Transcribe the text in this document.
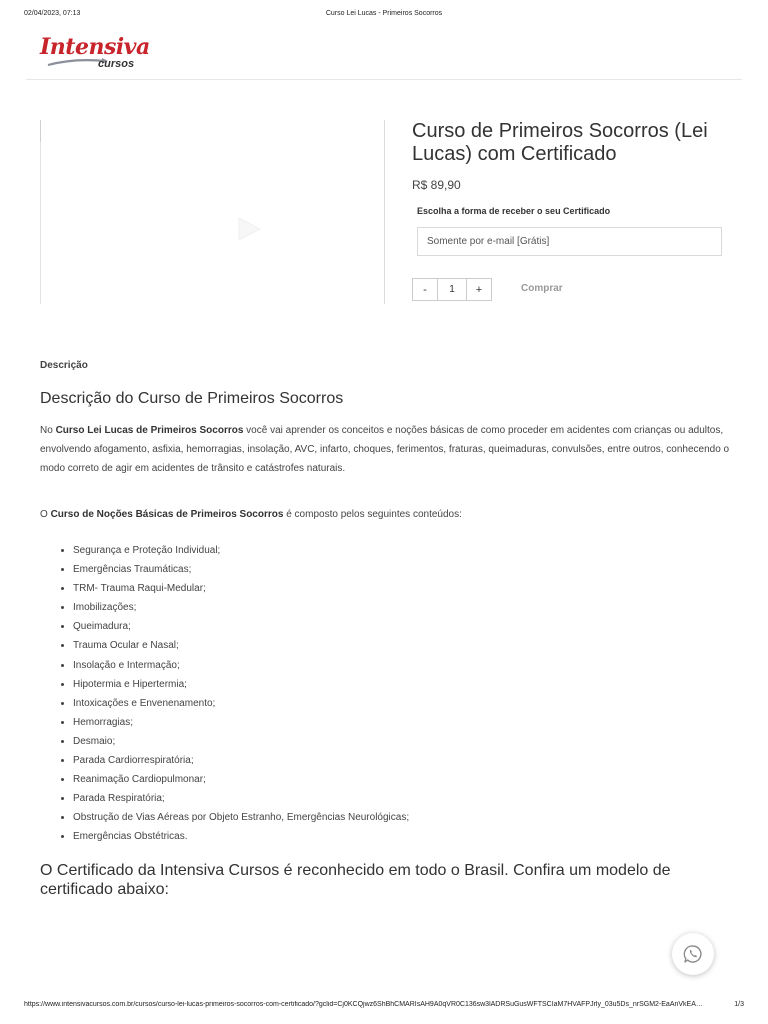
02/04/2023, 07:13	Curso Lei Lucas - Primeiros Socorros
Intensiva
cursos
Curso de Primeiros Socorros (Lei Lucas) com Certificado
R$ 89,90
Escolha a forma de receber o seu Certificado
Somente por e-mail [Grátis]
-	1	+	Comprar
Descrição
Descrição do Curso de Primeiros Socorros

No Curso Lei Lucas de Primeiros Socorros você vai aprender os conceitos e noções básicas de como proceder em acidentes com crianças ou adultos, envolvendo afogamento, asfixia, hemorragias, insolação, AVC, infarto, choques, ferimentos, fraturas, queimaduras, convulsões, entre outros, conhecendo o modo correto de agir em acidentes de trânsito e catástrofes naturais.

O Curso de Noções Básicas de Primeiros Socorros é composto pelos seguintes conteúdos:

• Segurança e Proteção Individual;
• Emergências Traumáticas;
• TRM- Trauma Raqui-Medular;
• Imobilizações;
• Queimadura;
• Trauma Ocular e Nasal;
• Insolação e Intermação;
• Hipotermia e Hipertermia;
• Intoxicações e Envenenamento;
• Hemorragias;
• Desmaio;
• Parada Cardiorrespiratória;
• Reanimação Cardiopulmonar;
• Parada Respiratória;
• Obstrução de Vias Aéreas por Objeto Estranho, Emergências Neurológicas;
• Emergências Obstétricas.
O Certificado da Intensiva Cursos é reconhecido em todo o Brasil. Confira um modelo de certificado abaixo:
https://www.intensivacursos.com.br/cursos/curso-lei-lucas-primeiros-socorros-com-certificado/?gclid=Cj0KCQjwz6ShBhCMARIsAH9A0qVR0C136sw3lADRSuGusWFTSCIaM7HVAFPJrly_03u5Ds_nrSGM2-EaAnVkEA…	1/3
